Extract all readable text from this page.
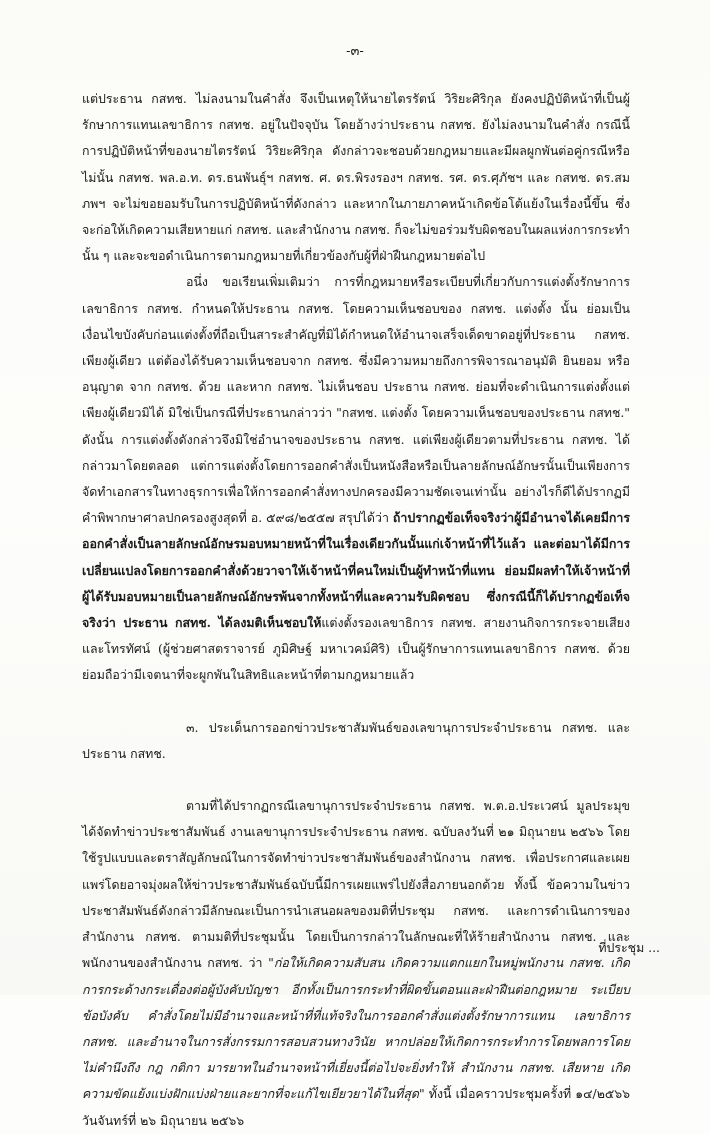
-๓-

แต่ประธาน กสทช. ไม่ลงนามในคำสั่ง จึงเป็นเหตุให้นายไตรรัตน์ วิริยะศิริกุล ยังคงปฏิบัติหน้าที่เป็นผู้รักษาการแทนเลขาธิการ กสทช. อยู่ในปัจจุบัน โดยอ้างว่าประธาน กสทช. ยังไม่ลงนามในคำสั่ง กรณีนี้การปฏิบัติหน้าที่ของนายไตรรัตน์ วิริยะศิริกุล ดังกล่าวจะชอบด้วยกฎหมายและมีผลผูกพันต่อคู่กรณีหรือไม่นั้น กสทช. พล.อ.ท. ดร.ธนพันธุ์ฯ กสทช. ศ. ดร.พิรงรองฯ กสทช. รศ. ดร.ศุภัชฯ และ กสทช. ดร.สมภพฯ จะไม่ขอยอมรับในการปฏิบัติหน้าที่ดังกล่าว และหากในภายภาคหน้าเกิดข้อโต้แย้งในเรื่องนี้ขึ้น ซึ่งจะก่อให้เกิดความเสียหายแก่ กสทช. และสำนักงาน กสทช. ก็จะไม่ขอร่วมรับผิดชอบในผลแห่งการกระทำนั้น ๆ และจะขอดำเนินการตามกฎหมายที่เกี่ยวข้องกับผู้ที่ฝ่าฝืนกฎหมายต่อไป

อนึ่ง ขอเรียนเพิ่มเติมว่า การที่กฎหมายหรือระเบียบที่เกี่ยวกับการแต่งตั้งรักษาการเลขาธิการ กสทช. กำหนดให้ประธาน กสทช. โดยความเห็นชอบของ กสทช. แต่งตั้ง นั้น ย่อมเป็นเงื่อนไขบังคับก่อนแต่งตั้งที่ถือเป็นสาระสำคัญที่มิได้กำหนดให้อำนาจเสร็จเด็ดขาดอยู่ที่ประธาน กสทช. เพียงผู้เดียว แต่ต้องได้รับความเห็นชอบจาก กสทช. ซึ่งมีความหมายถึงการพิจารณาอนุมัติ ยินยอม หรืออนุญาต จาก กสทช. ด้วย และหาก กสทช. ไม่เห็นชอบ ประธาน กสทช. ย่อมที่จะดำเนินการแต่งตั้งแต่เพียงผู้เดียวมิได้ มิใช่เป็นกรณีที่ประธานกล่าวว่า "กสทช. แต่งตั้ง โดยความเห็นชอบของประธาน กสทช." ดังนั้น การแต่งตั้งดังกล่าวจึงมิใช่อำนาจของประธาน กสทช. แต่เพียงผู้เดียวตามที่ประธาน กสทช. ได้กล่าวมาโดยตลอด แต่การแต่งตั้งโดยการออกคำสั่งเป็นหนังสือหรือเป็นลายลักษณ์อักษรนั้นเป็นเพียงการจัดทำเอกสารในทางธุรการเพื่อให้การออกคำสั่งทางปกครองมีความชัดเจนเท่านั้น อย่างไรก็ดีได้ปรากฏมีคำพิพากษาศาลปกครองสูงสุดที่ อ. ๕๙๘/๒๕๕๗ สรุปได้ว่า ถ้าปรากฏข้อเท็จจริงว่าผู้มีอำนาจได้เคยมีการออกคำสั่งเป็นลายลักษณ์อักษรมอบหมายหน้าที่ในเรื่องเดียวกันนั้นแก่เจ้าหน้าที่ไว้แล้ว และต่อมาได้มีการเปลี่ยนแปลงโดยการออกคำสั่งด้วยวาจาให้เจ้าหน้าที่คนใหม่เป็นผู้ทำหน้าที่แทน ย่อมมีผลทำให้เจ้าหน้าที่ผู้ได้รับมอบหมายเป็นลายลักษณ์อักษรพ้นจากทั้งหน้าที่และความรับผิดชอบ ซึ่งกรณีนี้ก็ได้ปรากฏข้อเท็จจริงว่า ประธาน กสทช. ได้ลงมติเห็นชอบให้แต่งตั้งรองเลขาธิการ กสทช. สายงานกิจการกระจายเสียงและโทรทัศน์ (ผู้ช่วยศาสตราจารย์ ภูมิศิษฐ์ มหาเวคม์ศิริ) เป็นผู้รักษาการแทนเลขาธิการ กสทช. ด้วย ย่อมถือว่ามีเจตนาที่จะผูกพันในสิทธิและหน้าที่ตามกฎหมายแล้ว

๓. ประเด็นการออกข่าวประชาสัมพันธ์ของเลขานุการประจำประธาน กสทช. และประธาน กสทช.

ตามที่ได้ปรากฏกรณีเลขานุการประจำประธาน กสทช. พ.ต.อ.ประเวศน์ มูลประมุขได้จัดทำข่าวประชาสัมพันธ์ งานเลขานุการประจำประธาน กสทช. ฉบับลงวันที่ ๒๑ มิถุนายน ๒๕๖๖ โดยใช้รูปแบบและตราสัญลักษณ์ในการจัดทำข่าวประชาสัมพันธ์ของสำนักงาน กสทช. เพื่อประกาศและเผยแพร่โดยอาจมุ่งผลให้ข่าวประชาสัมพันธ์ฉบับนี้มีการเผยแพร่ไปยังสื่อภายนอกด้วย ทั้งนี้ ข้อความในข่าวประชาสัมพันธ์ดังกล่าวมีลักษณะเป็นการนำเสนอผลของมติที่ประชุม กสทช. และการดำเนินการของสำนักงาน กสทช. ตามมติที่ประชุมนั้น โดยเป็นการกล่าวในลักษณะที่ให้ร้ายสำนักงาน กสทช. และพนักงานของสำนักงาน กสทช. ว่า "ก่อให้เกิดความสับสน เกิดความแตกแยกในหมู่พนักงาน กสทช. เกิดการกระด้างกระเดื่องต่อผู้บังคับบัญชา อีกทั้งเป็นการกระทำที่ผิดขั้นตอนและฝ่าฝืนต่อกฎหมาย ระเบียบ ข้อบังคับ คำสั่งโดยไม่มีอำนาจและหน้าที่ที่แท้จริงในการออกคำสั่งแต่งตั้งรักษาการแทน เลขาธิการ กสทช. และอำนาจในการสั่งกรรมการสอบสวนทางวินัย หากปล่อยให้เกิดการกระทำการโดยพลการโดยไม่คำนึงถึง กฎ กติกา มารยาทในอำนาจหน้าที่เยี่ยงนี้ต่อไปจะยิ่งทำให้ สำนักงาน กสทช. เสียหาย เกิดความขัดแย้งแบ่งฝักแบ่งฝ่ายและยากที่จะแก้ไขเยียวยาได้ในที่สุด" ทั้งนี้ เมื่อคราวประชุมครั้งที่ ๑๔/๒๕๖๖ วันจันทร์ที่ ๒๖ มิถุนายน ๒๕๖๖

ที่ประชุม ...
